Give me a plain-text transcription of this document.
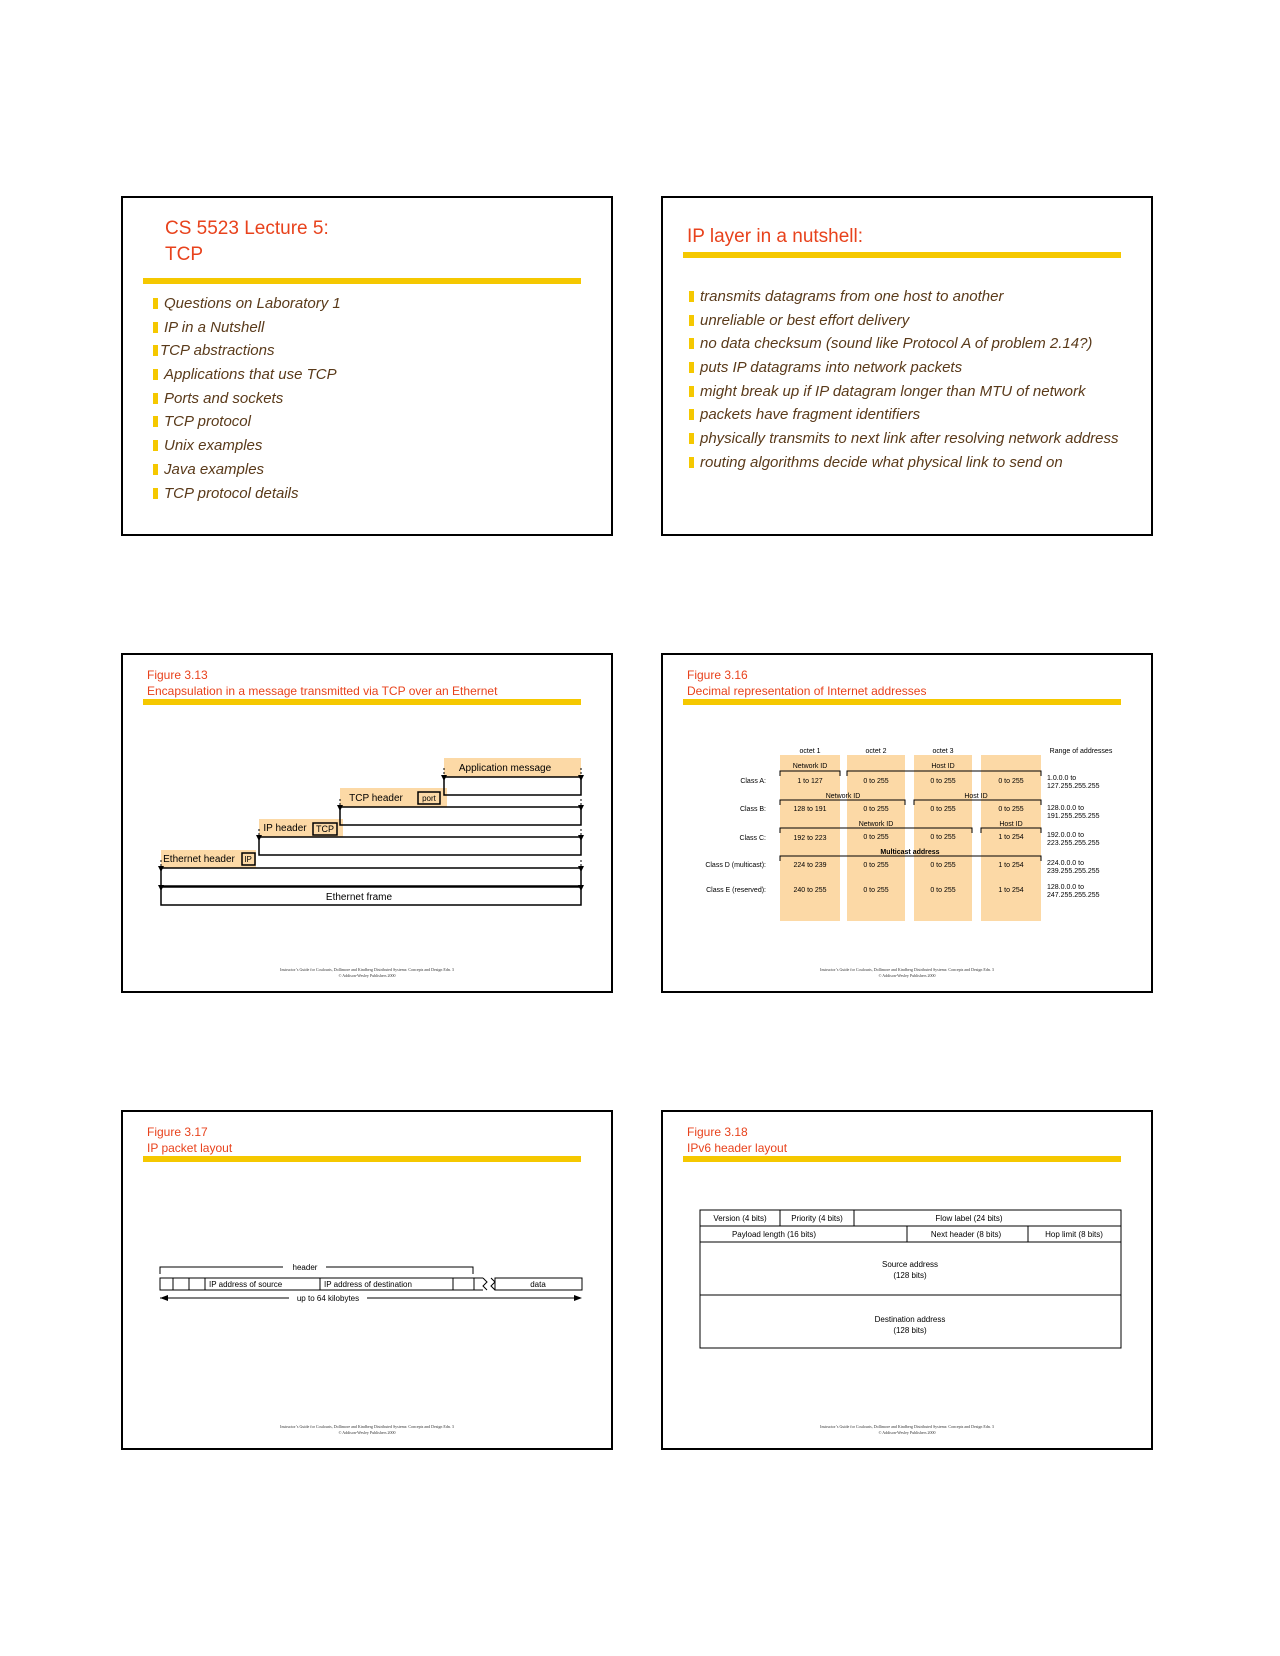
CS 5523 Lecture 5:
TCP
Questions on Laboratory 1
IP in a Nutshell
TCP abstractions
Applications that use TCP
Ports and sockets
TCP protocol
Unix examples
Java examples
TCP protocol details
IP layer in a nutshell:
transmits datagrams from one host to another
unreliable or best effort delivery
no data checksum (sound like Protocol A of problem 2.14?)
puts IP datagrams into network packets
might break up if IP datagram longer than MTU of network
packets have fragment identifiers
physically transmits to next link after resolving network address
routing algorithms decide what physical link to send on
Figure 3.13
Encapsulation in a message transmitted via TCP over an Ethernet
Application message
TCP header port
IP header TCP
Ethernet header IP
Ethernet frame
Instructor’s Guide for Coulouris, Dollimore and Kindberg Distributed Systems: Concepts and Design Edn. 3
© Addison-Wesley Publishers 2000
Figure 3.16
Decimal representation of Internet addresses
octet 1	octet 2	octet 3	Range of addresses
Network ID	Host ID
Network ID	Host ID
Network ID	Host ID
Multicast address
Class A:	1 to 127	0 to 255	0 to 255	0 to 255	1.0.0.0 to
127.255.255.255
Class B:	128 to 191	0 to 255	0 to 255	0 to 255	128.0.0.0 to
191.255.255.255
Class C:	192 to 223	0 to 255	0 to 255	1 to 254	192.0.0.0 to
223.255.255.255
Class D (multicast):	224 to 239	0 to 255	0 to 255	1 to 254	224.0.0.0 to
239.255.255.255
Class E (reserved):	240 to 255	0 to 255	0 to 255	1 to 254	128.0.0.0 to
247.255.255.255
Instructor’s Guide for Coulouris, Dollimore and Kindberg Distributed Systems: Concepts and Design Edn. 3
© Addison-Wesley Publishers 2000
Figure 3.17
IP packet layout
header
IP address of source	IP address of destination	data
up to 64 kilobytes
Instructor’s Guide for Coulouris, Dollimore and Kindberg Distributed Systems: Concepts and Design Edn. 3
© Addison-Wesley Publishers 2000
Figure 3.18
IPv6 header layout
Version (4 bits)	Priority (4 bits)	Flow label (24 bits)
Payload length (16 bits)	Next header (8 bits)	Hop limit (8 bits)
Source address
(128 bits)
Destination address
(128 bits)
Instructor’s Guide for Coulouris, Dollimore and Kindberg Distributed Systems: Concepts and Design Edn. 3
© Addison-Wesley Publishers 2000
